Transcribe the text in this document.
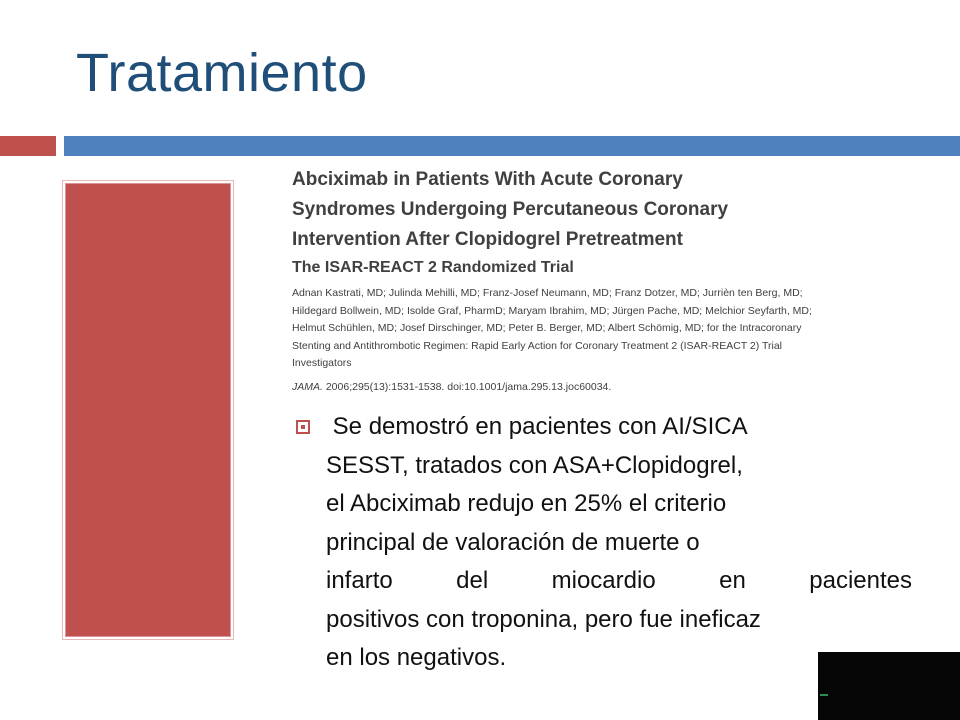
Tratamiento
Abciximab in Patients With Acute Coronary
Syndromes Undergoing Percutaneous Coronary
Intervention After Clopidogrel Pretreatment
The ISAR-REACT 2 Randomized Trial
Adnan Kastrati, MD; Julinda Mehilli, MD; Franz-Josef Neumann, MD; Franz Dotzer, MD; Jurrièn ten Berg, MD;
Hildegard Bollwein, MD; Isolde Graf, PharmD; Maryam Ibrahim, MD; Jürgen Pache, MD; Melchior Seyfarth, MD;
Helmut Schühlen, MD; Josef Dirschinger, MD; Peter B. Berger, MD; Albert Schömig, MD; for the Intracoronary
Stenting and Antithrombotic Regimen: Rapid Early Action for Coronary Treatment 2 (ISAR-REACT 2) Trial
Investigators
JAMA. 2006;295(13):1531-1538. doi:10.1001/jama.295.13.joc60034.
Se demostró en pacientes con AI/SICA
SESST, tratados con ASA+Clopidogrel,
el Abciximab redujo en 25% el criterio
principal de valoración de muerte o
infarto del miocardio en pacientes
positivos con troponina, pero fue ineficaz
en los negativos.
